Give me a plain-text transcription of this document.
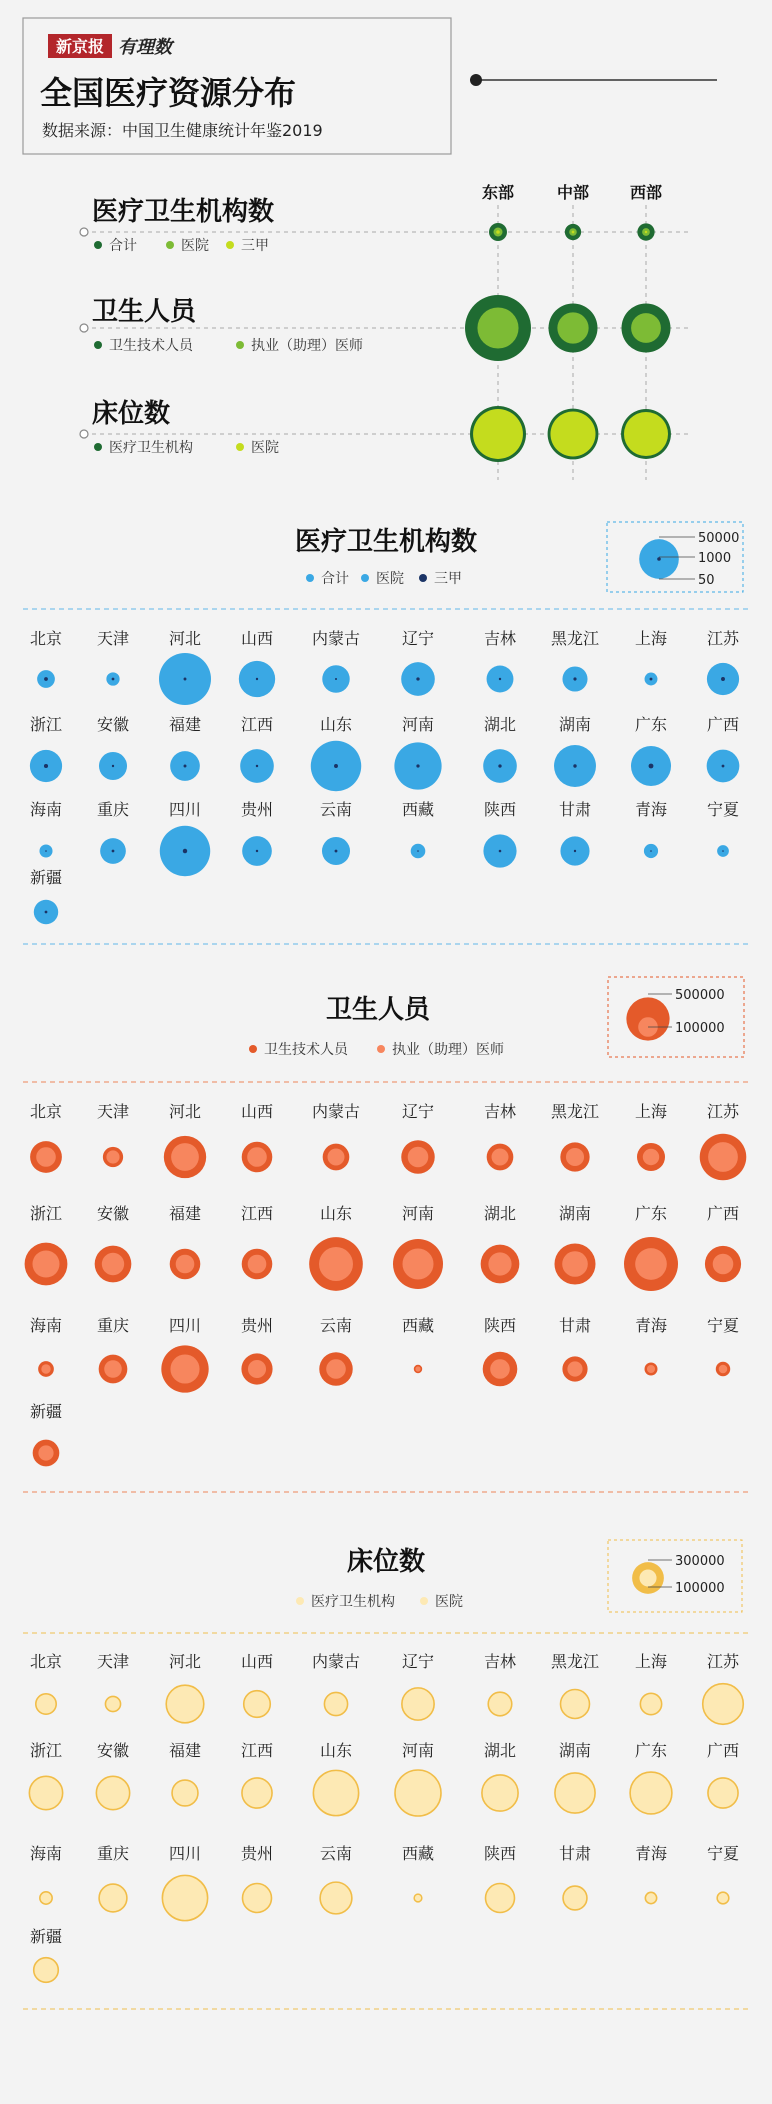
新京报 有理数
全国医疗资源分布
数据来源：中国卫生健康统计年鉴2019
东部	中部	西部
医疗卫生机构数
合计	医院 三甲
卫生人员
卫生技术人员	执业（助理）医师
床位数
医疗卫生机构	医院
医疗卫生机构数
合计 医院 三甲
50000
1000
50
北京 天津 河北 山西 内蒙古	辽宁	吉林 黑龙江 上海 江苏
浙江 安徽 福建 江西	山东	河南	湖北	湖南	广东 广西
海南 重庆 四川 贵州	云南	西藏	陕西	甘肃	青海 宁夏
新疆
卫生人员
卫生技术人员	执业（助理）医师
500000
100000
北京 天津 河北 山西 内蒙古	辽宁	吉林 黑龙江 上海 江苏
浙江 安徽 福建 江西	山东	河南	湖北	湖南	广东 广西
海南 重庆 四川 贵州	云南	西藏	陕西	甘肃	青海 宁夏
新疆
床位数
医疗卫生机构	医院
300000
100000
北京 天津 河北 山西 内蒙古	辽宁	吉林 黑龙江 上海 江苏
浙江 安徽 福建 江西	山东	河南	湖北	湖南	广东 广西
海南 重庆 四川 贵州	云南	西藏	陕西	甘肃	青海 宁夏
新疆
